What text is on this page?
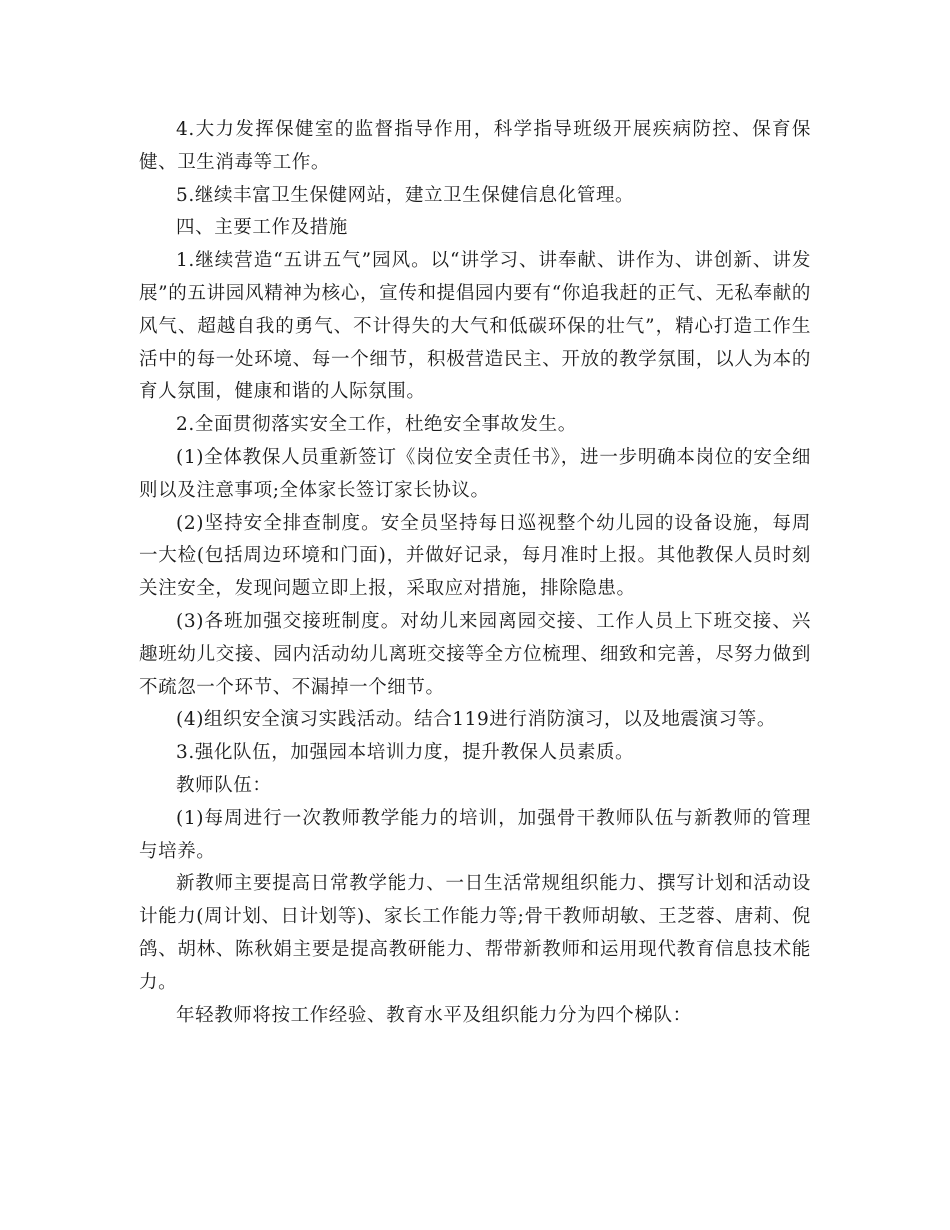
4.大力发挥保健室的监督指导作用，科学指导班级开展疾病防控、保育保健、卫生消毒等工作。

5.继续丰富卫生保健网站，建立卫生保健信息化管理。

四、主要工作及措施

1.继续营造“五讲五气”园风。以“讲学习、讲奉献、讲作为、讲创新、讲发展”的五讲园风精神为核心，宣传和提倡园内要有“你追我赶的正气、无私奉献的风气、超越自我的勇气、不计得失的大气和低碳环保的壮气”，精心打造工作生活中的每一处环境、每一个细节，积极营造民主、开放的教学氛围，以人为本的育人氛围，健康和谐的人际氛围。

2.全面贯彻落实安全工作，杜绝安全事故发生。

(1)全体教保人员重新签订《岗位安全责任书》，进一步明确本岗位的安全细则以及注意事项;全体家长签订家长协议。

(2)坚持安全排查制度。安全员坚持每日巡视整个幼儿园的设备设施，每周一大检(包括周边环境和门面)，并做好记录，每月准时上报。其他教保人员时刻关注安全，发现问题立即上报，采取应对措施，排除隐患。

(3)各班加强交接班制度。对幼儿来园离园交接、工作人员上下班交接、兴趣班幼儿交接、园内活动幼儿离班交接等全方位梳理、细致和完善，尽努力做到不疏忽一个环节、不漏掉一个细节。

(4)组织安全演习实践活动。结合119进行消防演习，以及地震演习等。

3.强化队伍，加强园本培训力度，提升教保人员素质。

教师队伍：

(1)每周进行一次教师教学能力的培训，加强骨干教师队伍与新教师的管理与培养。

新教师主要提高日常教学能力、一日生活常规组织能力、撰写计划和活动设计能力(周计划、日计划等)、家长工作能力等;骨干教师胡敏、王芝蓉、唐莉、倪鸽、胡林、陈秋娟主要是提高教研能力、帮带新教师和运用现代教育信息技术能力。

年轻教师将按工作经验、教育水平及组织能力分为四个梯队：
